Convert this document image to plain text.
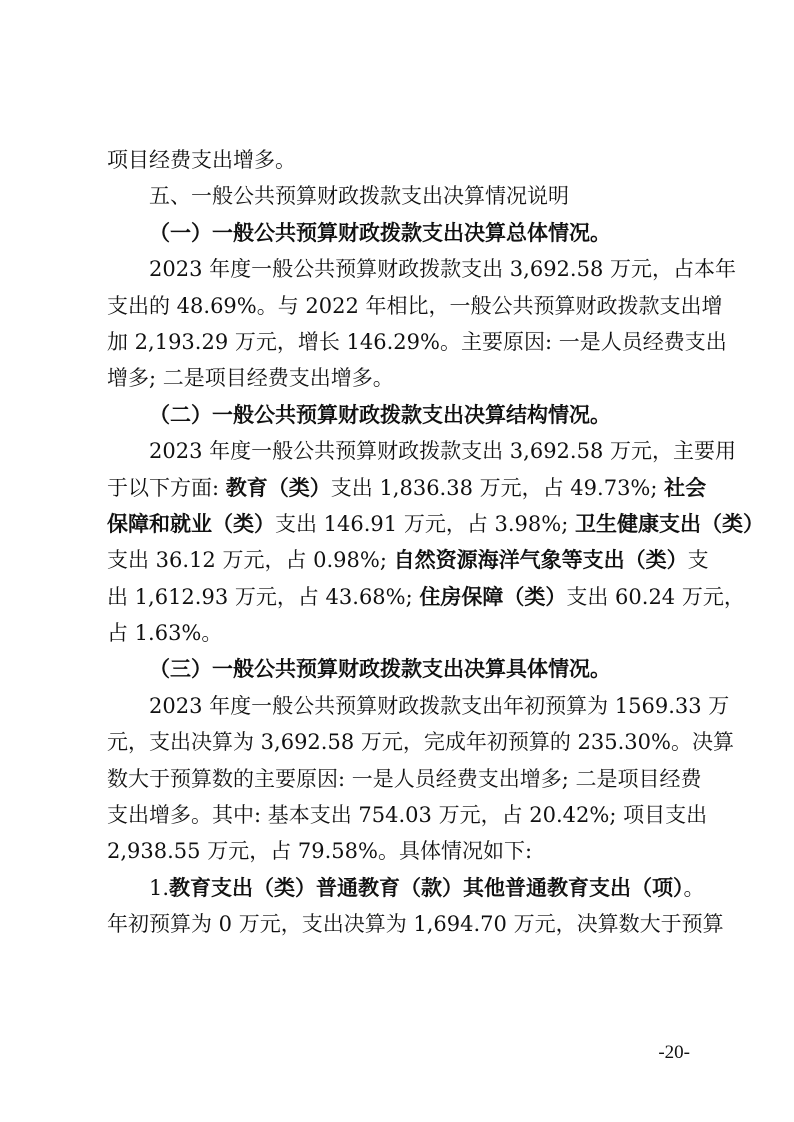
项目经费支出增多。
五、一般公共预算财政拨款支出决算情况说明
（一）一般公共预算财政拨款支出决算总体情况。
2023 年度一般公共预算财政拨款支出 3,692.58 万元，占本年
支出的 48.69%。与 2022 年相比，一般公共预算财政拨款支出增
加 2,193.29 万元，增长 146.29%。主要原因: 一是人员经费支出
增多; 二是项目经费支出增多。
（二）一般公共预算财政拨款支出决算结构情况。
2023 年度一般公共预算财政拨款支出 3,692.58 万元，主要用
于以下方面: 教育（类）支出 1,836.38 万元，占 49.73%; 社会
保障和就业（类）支出 146.91 万元，占 3.98%; 卫生健康支出（类）
支出 36.12 万元，占 0.98%; 自然资源海洋气象等支出（类）支
出 1,612.93 万元，占 43.68%; 住房保障（类）支出 60.24 万元，
占 1.63%。
（三）一般公共预算财政拨款支出决算具体情况。
2023 年度一般公共预算财政拨款支出年初预算为 1569.33 万
元，支出决算为 3,692.58 万元，完成年初预算的 235.30%。决算
数大于预算数的主要原因: 一是人员经费支出增多; 二是项目经费
支出增多。其中: 基本支出 754.03 万元，占 20.42%; 项目支出
2,938.55 万元，占 79.58%。具体情况如下:
1.教育支出（类）普通教育（款）其他普通教育支出（项）。
年初预算为 0 万元，支出决算为 1,694.70 万元，决算数大于预算
-20-
